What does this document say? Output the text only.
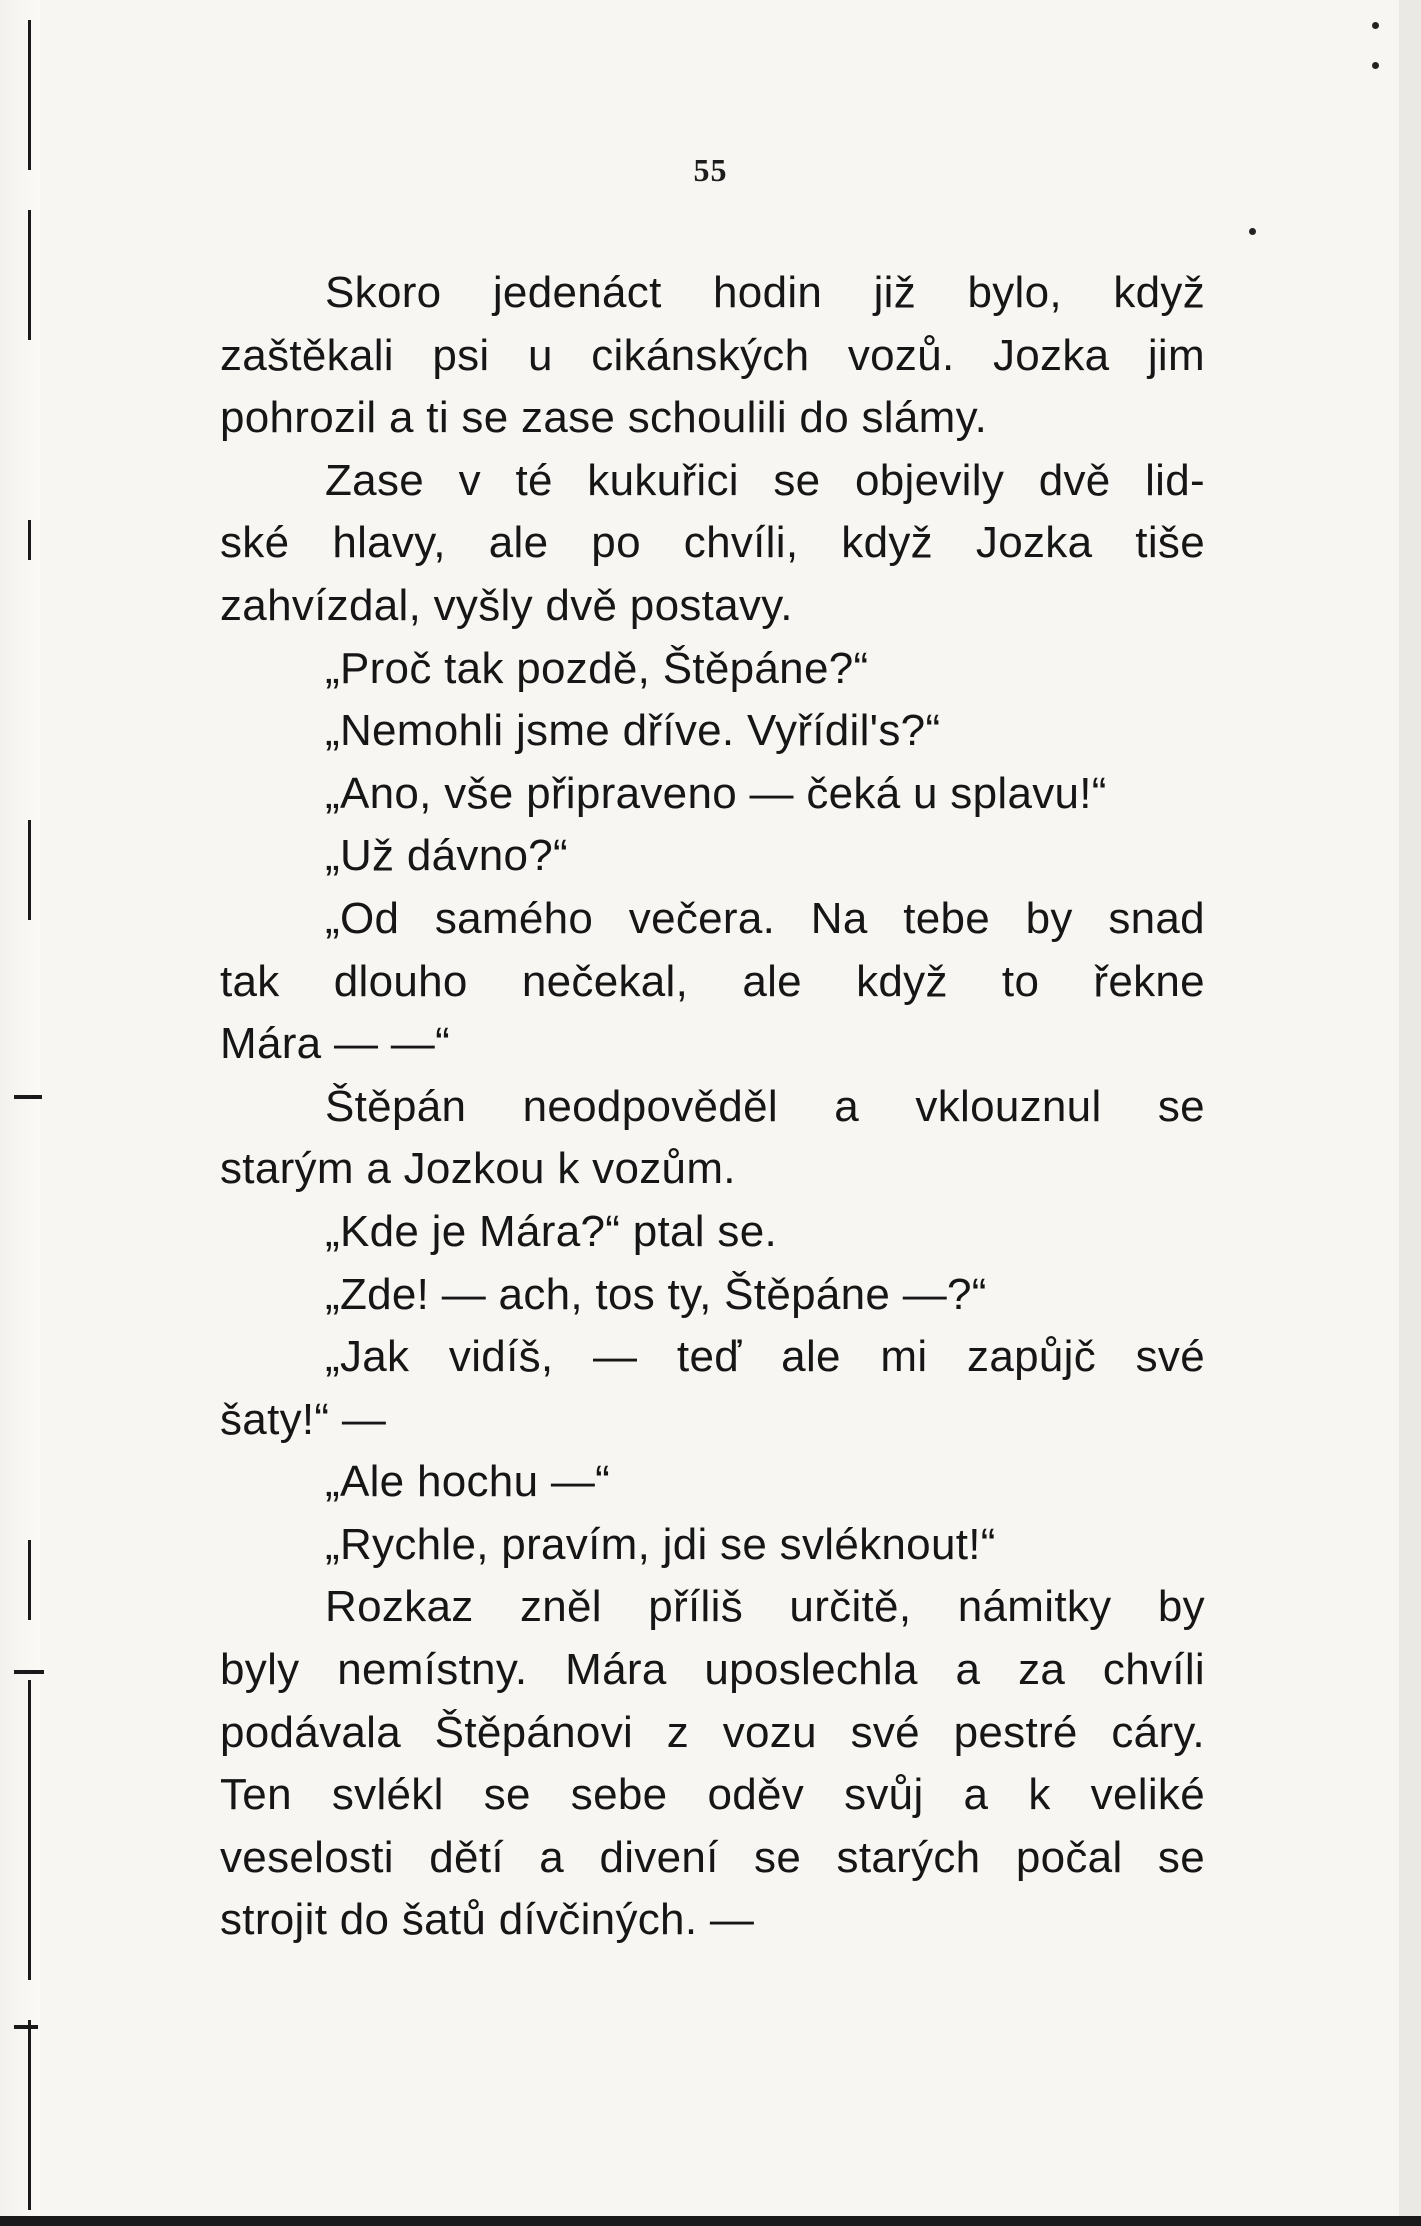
55
Skoro jedenáct hodin již bylo, když
zaštěkali psi u cikánských vozů. Jozka jim
pohrozil a ti se zase schoulili do slámy.
Zase v té kukuřici se objevily dvě lid-
ské hlavy, ale po chvíli, když Jozka tiše
zahvízdal, vyšly dvě postavy.
„Proč tak pozdě, Štěpáne?“
„Nemohli jsme dříve. Vyřídil's?“
„Ano, vše připraveno — čeká u splavu!“
„Už dávno?“
„Od samého večera. Na tebe by snad
tak dlouho nečekal, ale když to řekne
Mára — —“
Štěpán neodpověděl a vklouznul se
starým a Jozkou k vozům.
„Kde je Mára?“ ptal se.
„Zde! — ach, tos ty, Štěpáne —?“
„Jak vidíš, — teď ale mi zapůjč své
šaty!“ —
„Ale hochu —“
„Rychle, pravím, jdi se svléknout!“
Rozkaz zněl příliš určitě, námitky by
byly nemístny. Mára uposlechla a za chvíli
podávala Štěpánovi z vozu své pestré cáry.
Ten svlékl se sebe oděv svůj a k veliké
veselosti dětí a divení se starých počal se
strojit do šatů dívčiných. —
